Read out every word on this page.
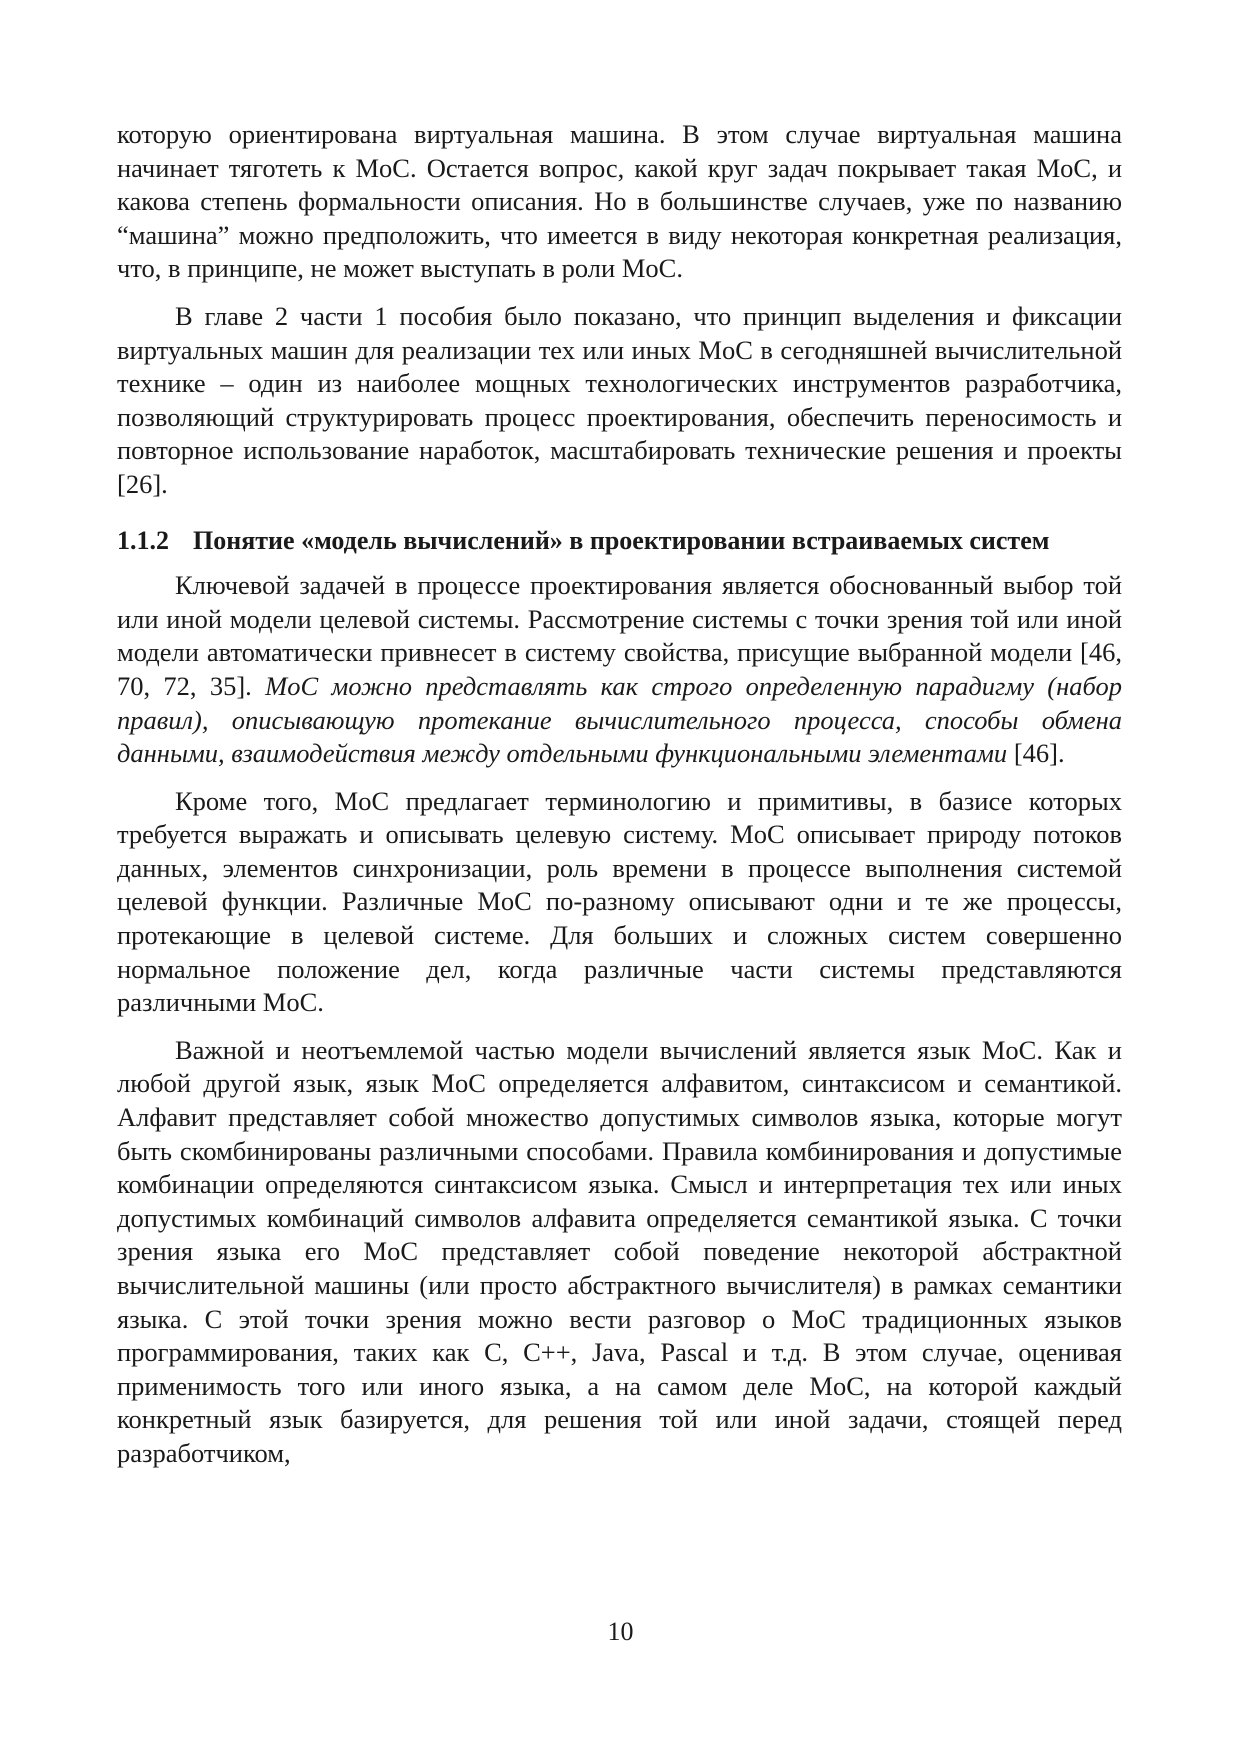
которую ориентирована виртуальная машина. В этом случае виртуальная машина начинает тяготеть к MoC. Остается вопрос, какой круг задач покрывает такая MoC, и какова степень формальности описания. Но в большинстве случаев, уже по названию “машина” можно предположить, что имеется в виду некоторая конкретная реализация, что, в принципе, не может выступать в роли MoC.

В главе 2 части 1 пособия было показано, что принцип выделения и фиксации виртуальных машин для реализации тех или иных MoC в сегодняшней вычислительной технике – один из наиболее мощных технологических инструментов разработчика, позволяющий структурировать процесс проектирования, обеспечить переносимость и повторное использование наработок, масштабировать технические решения и проекты [26].

1.1.2 Понятие «модель вычислений» в проектировании встраиваемых систем

Ключевой задачей в процессе проектирования является обоснованный выбор той или иной модели целевой системы. Рассмотрение системы с точки зрения той или иной модели автоматически привнесет в систему свойства, присущие выбранной модели [46, 70, 72, 35]. MoC можно представлять как строго определенную парадигму (набор правил), описывающую протекание вычислительного процесса, способы обмена данными, взаимодействия между отдельными функциональными элементами [46].

Кроме того, MoC предлагает терминологию и примитивы, в базисе которых требуется выражать и описывать целевую систему. MoC описывает природу потоков данных, элементов синхронизации, роль времени в процессе выполнения системой целевой функции. Различные MoC по-разному описывают одни и те же процессы, протекающие в целевой системе. Для больших и сложных систем совершенно нормальное положение дел, когда различные части системы представляются различными MoC.

Важной и неотъемлемой частью модели вычислений является язык MoC. Как и любой другой язык, язык MoC определяется алфавитом, синтаксисом и семантикой. Алфавит представляет собой множество допустимых символов языка, которые могут быть скомбинированы различными способами. Правила комбинирования и допустимые комбинации определяются синтаксисом языка. Смысл и интерпретация тех или иных допустимых комбинаций символов алфавита определяется семантикой языка. С точки зрения языка его MoC представляет собой поведение некоторой абстрактной вычислительной машины (или просто абстрактного вычислителя) в рамках семантики языка. С этой точки зрения можно вести разговор о MoC традиционных языков программирования, таких как C, C++, Java, Pascal и т.д. В этом случае, оценивая применимость того или иного языка, а на самом деле MoC, на которой каждый конкретный язык базируется, для решения той или иной задачи, стоящей перед разработчиком,

10
